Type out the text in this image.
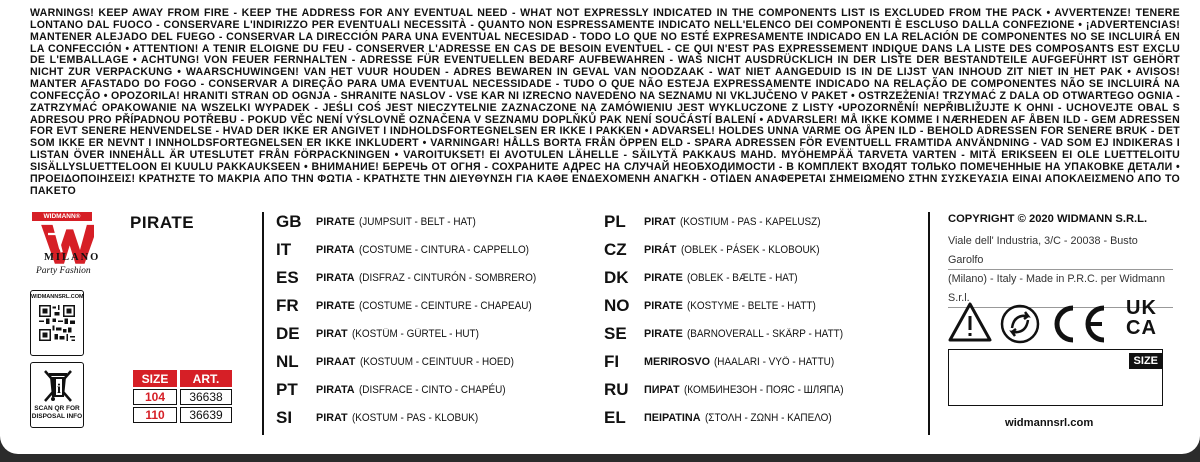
WARNINGS! KEEP AWAY FROM FIRE - KEEP THE ADDRESS FOR ANY EVENTUAL NEED - WHAT NOT EXPRESSLY INDICATED IN THE COMPONENTS LIST IS EXCLUDED FROM THE PACK • AVVERTENZE! TENERE LONTANO DAL FUOCO - CONSERVARE L'INDIRIZZO PER EVENTUALI NECESSITÀ - QUANTO NON ESPRESSAMENTE INDICATO NELL'ELENCO DEI COMPONENTI È ESCLUSO DALLA CONFEZIONE • ¡ADVERTENCIAS! MANTENER ALEJADO DEL FUEGO - CONSERVAR LA DIRECCIÓN PARA UNA EVENTUAL NECESIDAD - TODO LO QUE NO ESTÉ EXPRESAMENTE INDICADO EN LA RELACIÓN DE COMPONENTES NO SE INCLUIRÁ EN LA CONFECCIÓN • ATTENTION! A TENIR ELOIGNE DU FEU - CONSERVER L'ADRESSE EN CAS DE BESOIN EVENTUEL - CE QUI N'EST PAS EXPRESSEMENT INDIQUE DANS LA LISTE DES COMPOSANTS EST EXCLU DE L'EMBALLAGE • ACHTUNG! VON FEUER FERNHALTEN - ADRESSE FÜR EVENTUELLEN BEDARF AUFBEWAHREN - WAS NICHT AUSDRÜCKLICH IN DER LISTE DER BESTANDTEILE AUFGEFÜHRT IST GEHÖRT NICHT ZUR VERPACKUNG • WAARSCHUWINGEN! VAN HET VUUR HOUDEN - ADRES BEWAREN IN GEVAL VAN NOODZAAK - WAT NIET AANGEDUID IS IN DE LIJST VAN INHOUD ZIT NIET IN HET PAK • AVISOS! MANTER AFASTADO DO FOGO - CONSERVAR A DIREÇÃO PARA UMA EVENTUAL NECESSIDADE - TUDO O QUE NÃO ESTEJA EXPRESSAMENTE INDICADO NA RELAÇÃO DE COMPONENTES NÃO SE INCLUIRÁ NA CONFECÇÃO • OPOZORILA! HRANITI STRAN OD OGNJA - SHRANITE NASLOV - VSE KAR NI IZRECNO NAVEDENO NA SEZNAMU NI VKLJUČENO V PAKET • OSTRZEŻENIA! TRZYMAĆ Z DALA OD OTWARTEGO OGNIA - ZATRZYMAĆ OPAKOWANIE NA WSZELKI WYPADEK - JEŚLI COŚ JEST NIECZYTELNIE ZAZNACZONE NA ZAMÓWIENIU JEST WYKLUCZONE Z LISTY •UPOZORNĚNÍ! NEPŘIBLIŽUJTE K OHNI - UCHOVEJTE OBAL S ADRESOU PRO PŘÍPADNOU POTŘEBU - POKUD VĚC NENÍ VÝSLOVNĚ OZNAČENA V SEZNAMU DOPLŇKŮ PAK NENÍ SOUČÁSTÍ BALENÍ • ADVARSLER! MÅ IKKE KOMME I NÆRHEDEN AF ÅBEN ILD - GEM ADRESSEN FOR EVT SENERE HENVENDELSE - HVAD DER IKKE ER ANGIVET I INDHOLDSFORTEGNELSEN ER IKKE I PAKKEN • ADVARSEL! HOLDES UNNA VARME OG ÅPEN ILD - BEHOLD ADRESSEN FOR SENERE BRUK - DET SOM IKKE ER NEVNT I INNHOLDSFORTEGNELSEN ER IKKE INKLUDERT • VARNINGAR! HÅLLS BORTA FRÅN ÖPPEN ELD - SPARA ADRESSEN FÖR EVENTUELL FRAMTIDA ANVÄNDNING - VAD SOM EJ INDIKERAS I LISTAN ÖVER INNEHÅLL ÄR UTESLUTET FRÅN FÖRPACKNINGEN • VAROITUKSET! EI AVOTULEN LÄHELLE - SÄILYTÄ PAKKAUS MAHD. MYÖHEMPÄÄ TARVETA VARTEN - MITÄ ERIKSEEN EI OLE LUETTELOITU SISÄLLYSLUETTELOON EI KUULU PAKKAUKSEEN • ВНИМАНИЕ! БЕРЕЧЬ ОТ ОГНЯ - СОХРАНИТЕ АДРЕС НА СЛУЧАЙ НЕОБХОДИМОСТИ - В КОМПЛЕКТ ВХОДЯТ ТОЛЬКО ПОМЕЧЕННЫЕ НА УПАКОВКЕ ДЕТАЛИ • ΠΡΟΕΙΔΟΠΟΙΗΣΕΙΣ! ΚΡΑΤΗΣΤΕ ΤΟ ΜΑΚΡΙΑ ΑΠΟ ΤΗΝ ΦΩΤΙΑ - ΚΡΑΤΗΣΤΕ ΤΗΝ ΔΙΕΥΘΥΝΣΗ ΓΙΑ ΚΑΘΕ ΕΝΔΕΧΟΜΕΝΗ ΑΝΑΓΚΗ - ΟΤΙΔΕΝ ΑΝΑΦΕΡΕΤΑΙ ΣΗΜΕΙΩΜΕΝΟ ΣΤΗΝ ΣΥΣΚΕΥΑΣΙΑ ΕΙΝΑΙ ΑΠΟΚΛΕΙΣΜΕΝΟ ΑΠΟ ΤΟ ΠΑΚΕΤΟ
WIDMANN®
MILANO
Party Fashion
WIDMANNSRL.COM
i
SCAN QR FOR DISPOSAL INFO
PIRATE
SIZE	ART.
104	36638
110	36639
GB PIRATE (JUMPSUIT - BELT - HAT)
IT PIRATA (COSTUME - CINTURA - CAPPELLO)
ES PIRATA (DISFRAZ - CINTURÓN - SOMBRERO)
FR PIRATE (COSTUME - CEINTURE - CHAPEAU)
DE PIRAT (KOSTÜM - GÜRTEL - HUT)
NL PIRAAT (KOSTUUM - CEINTUUR - HOED)
PT PIRATA (DISFRACE - CINTO - CHAPÉU)
SI PIRAT (KOSTUM - PAS - KLOBUK)
PL PIRAT (KOSTIUM - PAS - KAPELUSZ)
CZ PIRÁT (OBLEK - PÁSEK - KLOBOUK)
DK PIRATE (OBLEK - BÆLTE - HAT)
NO PIRATE (KOSTYME - BELTE - HATT)
SE PIRATE (BARNOVERALL - SKÄRP - HATT)
FI MERIROSVO (HAALARI - VYÖ - HATTU)
RU ПИРАТ (КОМБИНЕЗОН - ПОЯС - ШЛЯПА)
EL ΠΕΙΡΑΤΙΝΑ (ΣΤΟΛΗ - ΖΩΝΗ - ΚΑΠΕΛΟ)
COPYRIGHT © 2020 WIDMANN S.R.L.
Viale dell' Industria, 3/C - 20038 - Busto Garolfo
(Milano) - Italy - Made in P.R.C. per Widmann S.r.l.	UK
CA
SIZE
widmannsrl.com
